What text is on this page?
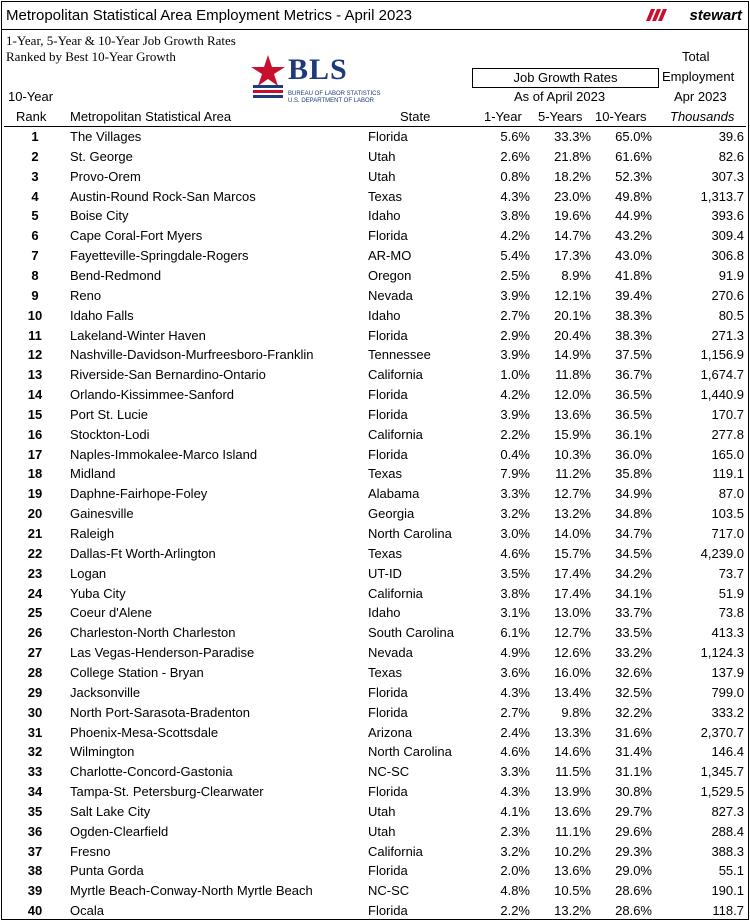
Metropolitan Statistical Area Employment Metrics - April 2023	stewart
1-Year, 5-Year & 10-Year Job Growth Rates
Ranked by Best 10-Year Growth	BLS
BUREAU OF LABOR STATISTICS
U.S. DEPARTMENT OF LABOR
Job Growth Rates
As of April 2023
Total
Employment
Apr 2023
Thousands
10-Year
Rank Metropolitan Statistical Area	State	1-Year 5-Years 10-Years
1	The Villages	Florida	5.6%	33.3%	65.0%	39.6
2	St. George	Utah	2.6%	21.8%	61.6%	82.6
3	Provo-Orem	Utah	0.8%	18.2%	52.3%	307.3
4	Austin-Round Rock-San Marcos	Texas	4.3%	23.0%	49.8%	1,313.7
5	Boise City	Idaho	3.8%	19.6%	44.9%	393.6
6	Cape Coral-Fort Myers	Florida	4.2%	14.7%	43.2%	309.4
7	Fayetteville-Springdale-Rogers	AR-MO	5.4%	17.3%	43.0%	306.8
8	Bend-Redmond	Oregon	2.5%	8.9%	41.8%	91.9
9	Reno	Nevada	3.9%	12.1%	39.4%	270.6
10	Idaho Falls	Idaho	2.7%	20.1%	38.3%	80.5
11	Lakeland-Winter Haven	Florida	2.9%	20.4%	38.3%	271.3
12	Nashville-Davidson-Murfreesboro-Franklin	Tennessee	3.9%	14.9%	37.5%	1,156.9
13	Riverside-San Bernardino-Ontario	California	1.0%	11.8%	36.7%	1,674.7
14	Orlando-Kissimmee-Sanford	Florida	4.2%	12.0%	36.5%	1,440.9
15	Port St. Lucie	Florida	3.9%	13.6%	36.5%	170.7
16	Stockton-Lodi	California	2.2%	15.9%	36.1%	277.8
17	Naples-Immokalee-Marco Island	Florida	0.4%	10.3%	36.0%	165.0
18	Midland	Texas	7.9%	11.2%	35.8%	119.1
19	Daphne-Fairhope-Foley	Alabama	3.3%	12.7%	34.9%	87.0
20	Gainesville	Georgia	3.2%	13.2%	34.8%	103.5
21	Raleigh	North Carolina	3.0%	14.0%	34.7%	717.0
22	Dallas-Ft Worth-Arlington	Texas	4.6%	15.7%	34.5%	4,239.0
23	Logan	UT-ID	3.5%	17.4%	34.2%	73.7
24	Yuba City	California	3.8%	17.4%	34.1%	51.9
25	Coeur d'Alene	Idaho	3.1%	13.0%	33.7%	73.8
26	Charleston-North Charleston	South Carolina	6.1%	12.7%	33.5%	413.3
27	Las Vegas-Henderson-Paradise	Nevada	4.9%	12.6%	33.2%	1,124.3
28	College Station - Bryan	Texas	3.6%	16.0%	32.6%	137.9
29	Jacksonville	Florida	4.3%	13.4%	32.5%	799.0
30	North Port-Sarasota-Bradenton	Florida	2.7%	9.8%	32.2%	333.2
31	Phoenix-Mesa-Scottsdale	Arizona	2.4%	13.3%	31.6%	2,370.7
32	Wilmington	North Carolina	4.6%	14.6%	31.4%	146.4
33	Charlotte-Concord-Gastonia	NC-SC	3.3%	11.5%	31.1%	1,345.7
34	Tampa-St. Petersburg-Clearwater	Florida	4.3%	13.9%	30.8%	1,529.5
35	Salt Lake City	Utah	4.1%	13.6%	29.7%	827.3
36	Ogden-Clearfield	Utah	2.3%	11.1%	29.6%	288.4
37	Fresno	California	3.2%	10.2%	29.3%	388.3
38	Punta Gorda	Florida	2.0%	13.6%	29.0%	55.1
39	Myrtle Beach-Conway-North Myrtle Beach	NC-SC	4.8%	10.5%	28.6%	190.1
40	Ocala	Florida	2.2%	13.2%	28.6%	118.7
